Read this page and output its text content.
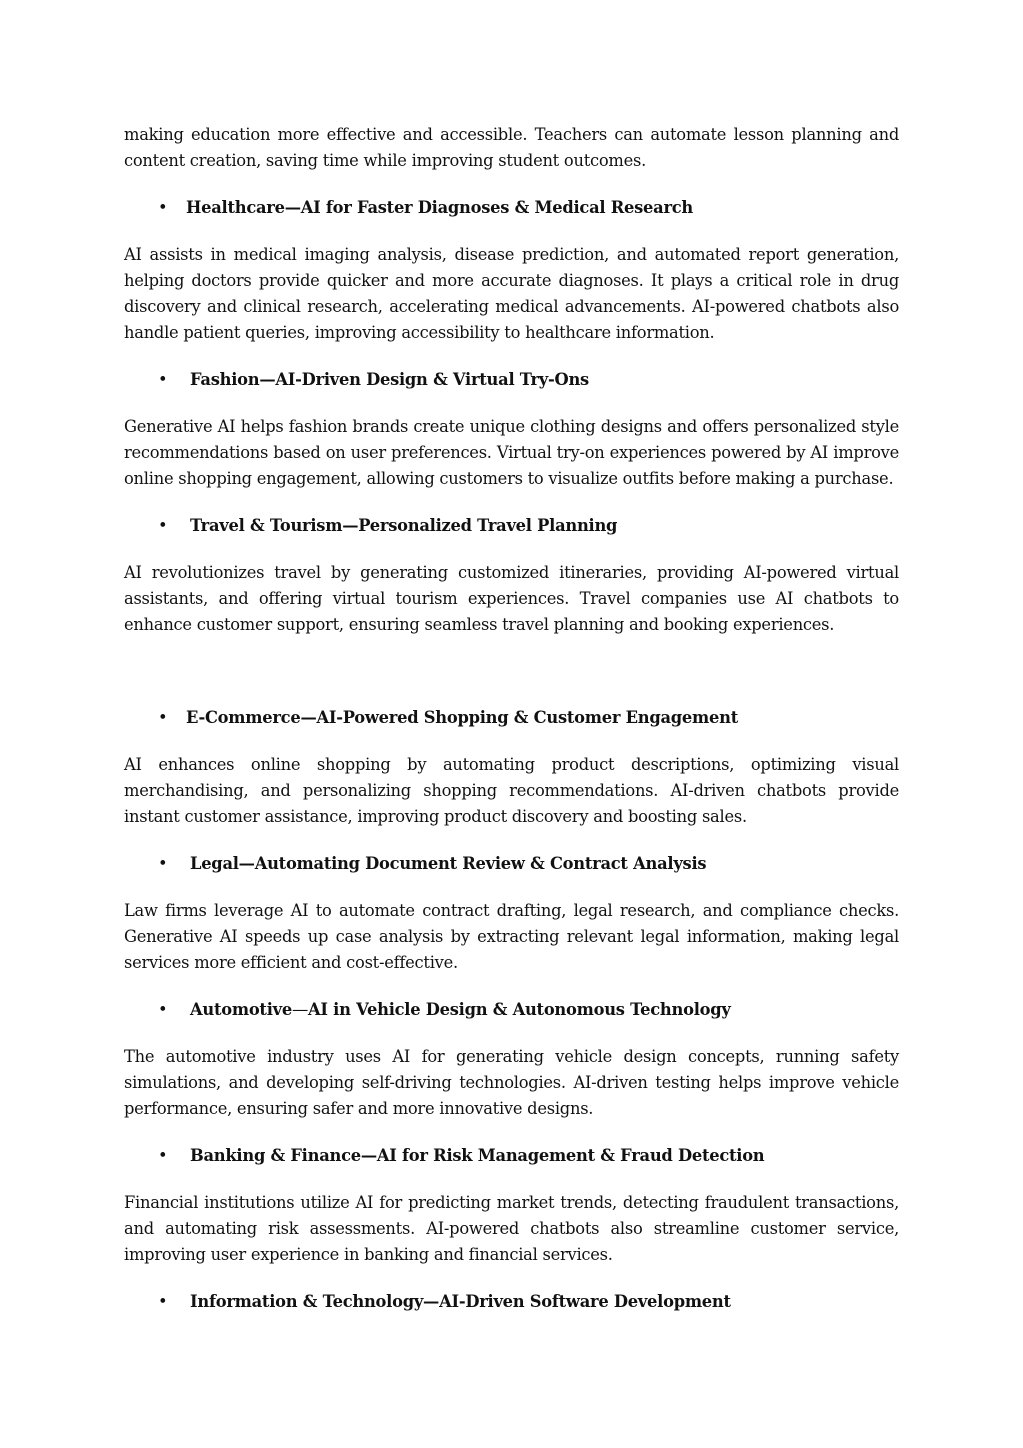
making education more effective and accessible. Teachers can automate lesson planning and content creation, saving time while improving student outcomes.

• Healthcare—AI for Faster Diagnoses & Medical Research

AI assists in medical imaging analysis, disease prediction, and automated report generation, helping doctors provide quicker and more accurate diagnoses. It plays a critical role in drug discovery and clinical research, accelerating medical advancements. AI-powered chatbots also handle patient queries, improving accessibility to healthcare information.

• Fashion—AI-Driven Design & Virtual Try-Ons

Generative AI helps fashion brands create unique clothing designs and offers personalized style recommendations based on user preferences. Virtual try-on experiences powered by AI improve online shopping engagement, allowing customers to visualize outfits before making a purchase.

• Travel & Tourism—Personalized Travel Planning

AI revolutionizes travel by generating customized itineraries, providing AI-powered virtual assistants, and offering virtual tourism experiences. Travel companies use AI chatbots to enhance customer support, ensuring seamless travel planning and booking experiences.

• E-Commerce—AI-Powered Shopping & Customer Engagement

AI enhances online shopping by automating product descriptions, optimizing visual merchandising, and personalizing shopping recommendations. AI-driven chatbots provide instant customer assistance, improving product discovery and boosting sales.

• Legal—Automating Document Review & Contract Analysis

Law firms leverage AI to automate contract drafting, legal research, and compliance checks. Generative AI speeds up case analysis by extracting relevant legal information, making legal services more efficient and cost-effective.

• Automotive—AI in Vehicle Design & Autonomous Technology

The automotive industry uses AI for generating vehicle design concepts, running safety simulations, and developing self-driving technologies. AI-driven testing helps improve vehicle performance, ensuring safer and more innovative designs.

• Banking & Finance—AI for Risk Management & Fraud Detection

Financial institutions utilize AI for predicting market trends, detecting fraudulent transactions, and automating risk assessments. AI-powered chatbots also streamline customer service, improving user experience in banking and financial services.

• Information & Technology—AI-Driven Software Development
